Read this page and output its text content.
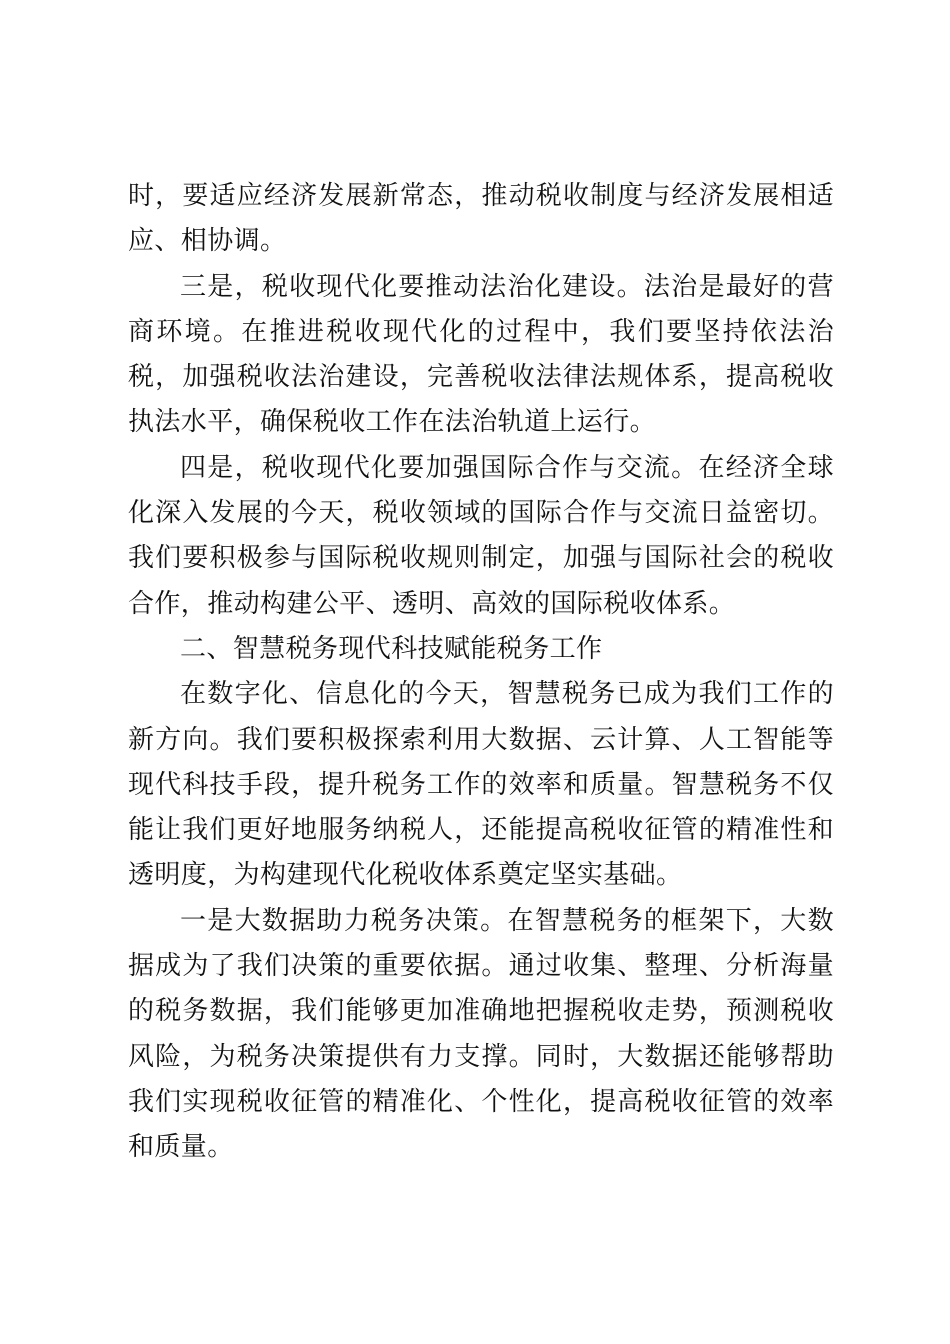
时，要适应经济发展新常态，推动税收制度与经济发展相适应、相协调。

三是，税收现代化要推动法治化建设。法治是最好的营商环境。在推进税收现代化的过程中，我们要坚持依法治税，加强税收法治建设，完善税收法律法规体系，提高税收执法水平，确保税收工作在法治轨道上运行。

四是，税收现代化要加强国际合作与交流。在经济全球化深入发展的今天，税收领域的国际合作与交流日益密切。我们要积极参与国际税收规则制定，加强与国际社会的税收合作，推动构建公平、透明、高效的国际税收体系。

二、智慧税务现代科技赋能税务工作

在数字化、信息化的今天，智慧税务已成为我们工作的新方向。我们要积极探索利用大数据、云计算、人工智能等现代科技手段，提升税务工作的效率和质量。智慧税务不仅能让我们更好地服务纳税人，还能提高税收征管的精准性和透明度，为构建现代化税收体系奠定坚实基础。

一是大数据助力税务决策。在智慧税务的框架下，大数据成为了我们决策的重要依据。通过收集、整理、分析海量的税务数据，我们能够更加准确地把握税收走势，预测税收风险，为税务决策提供有力支撑。同时，大数据还能够帮助我们实现税收征管的精准化、个性化，提高税收征管的效率和质量。
